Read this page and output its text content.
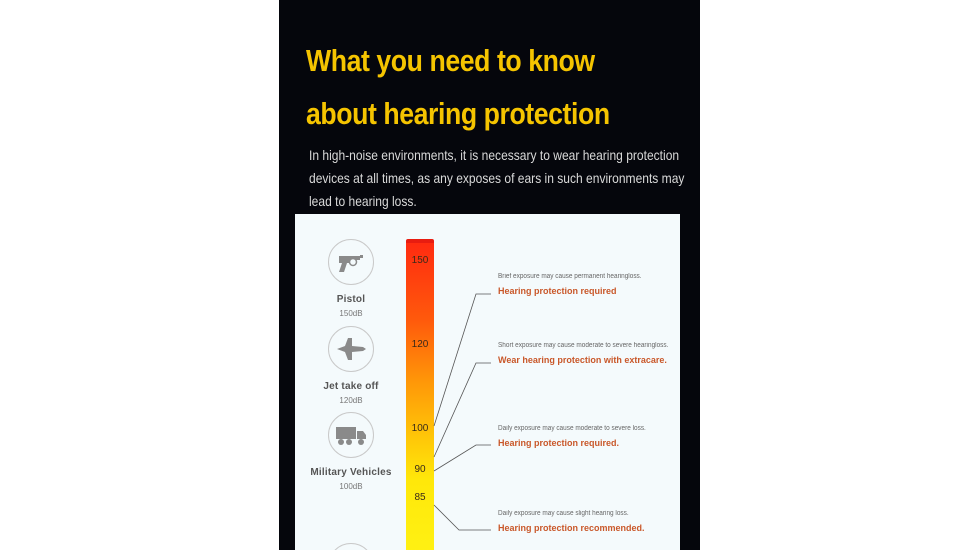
What you need to know about hearing protection

In high-noise environments, it is necessary to wear hearing protection devices at all times, as any exposes of ears in such environments may lead to hearing loss.

Pistol
150dB
Jet take off
120dB
Military Vehicles
100dB
150
120
100
90
85
Brief exposure may cause permanent hearingloss.
Hearing protection required
Short exposure may cause moderate to severe hearingloss.
Wear hearing protection with extracare.
Daily exposure may cause moderate to severe loss.
Hearing protection required.
Daily exposure may cause slight hearing loss.
Hearing protection recommended.
